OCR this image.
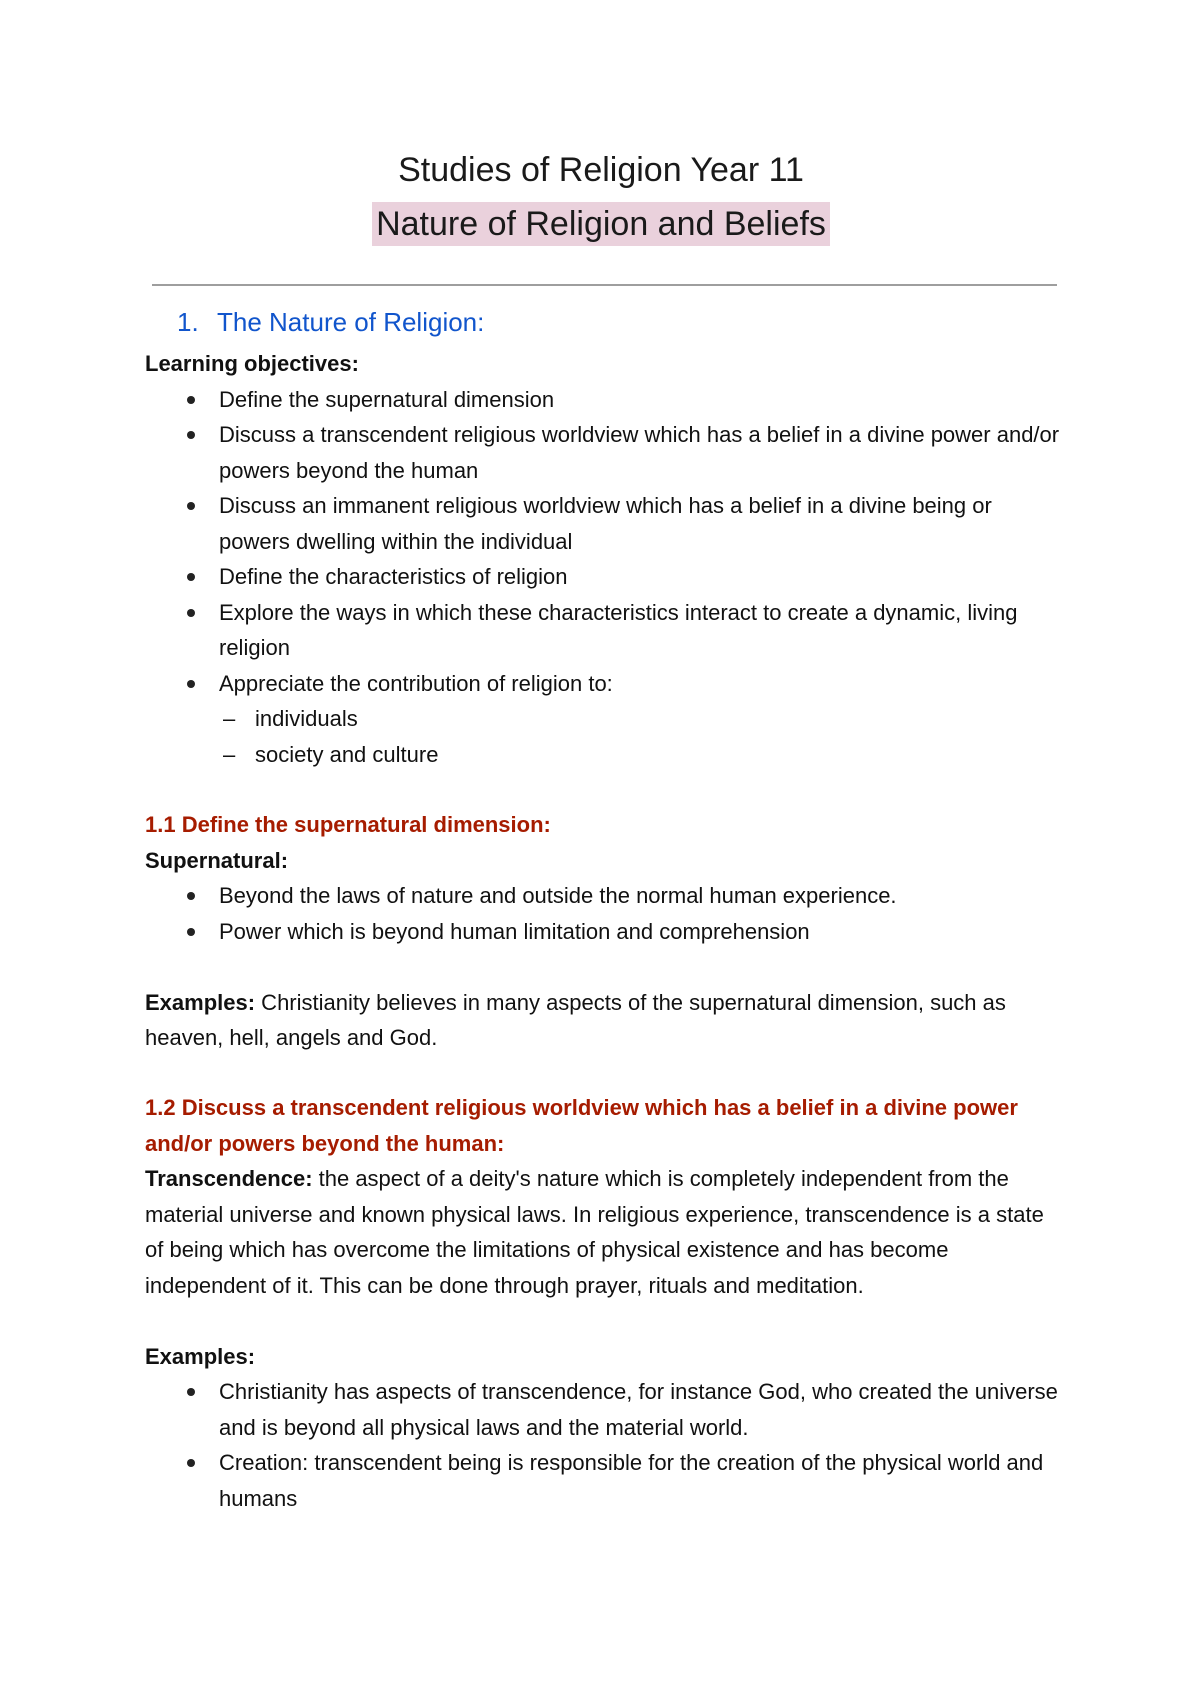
Studies of Religion Year 11
Nature of Religion and Beliefs
1. The Nature of Religion:

Learning objectives:

Define the supernatural dimension
Discuss a transcendent religious worldview which has a belief in a divine power and/or powers beyond the human
Discuss an immanent religious worldview which has a belief in a divine being or powers dwelling within the individual
Define the characteristics of religion
Explore the ways in which these characteristics interact to create a dynamic, living religion
Appreciate the contribution of religion to:
– individuals
– society and culture

1.1 Define the supernatural dimension:

Supernatural:

Beyond the laws of nature and outside the normal human experience.
Power which is beyond human limitation and comprehension

Examples: Christianity believes in many aspects of the supernatural dimension, such as heaven, hell, angels and God.

1.2 Discuss a transcendent religious worldview which has a belief in a divine power and/or powers beyond the human:

Transcendence: the aspect of a deity's nature which is completely independent from the material universe and known physical laws. In religious experience, transcendence is a state of being which has overcome the limitations of physical existence and has become independent of it. This can be done through prayer, rituals and meditation.

Examples:

Christianity has aspects of transcendence, for instance God, who created the universe and is beyond all physical laws and the material world.
Creation: transcendent being is responsible for the creation of the physical world and humans
